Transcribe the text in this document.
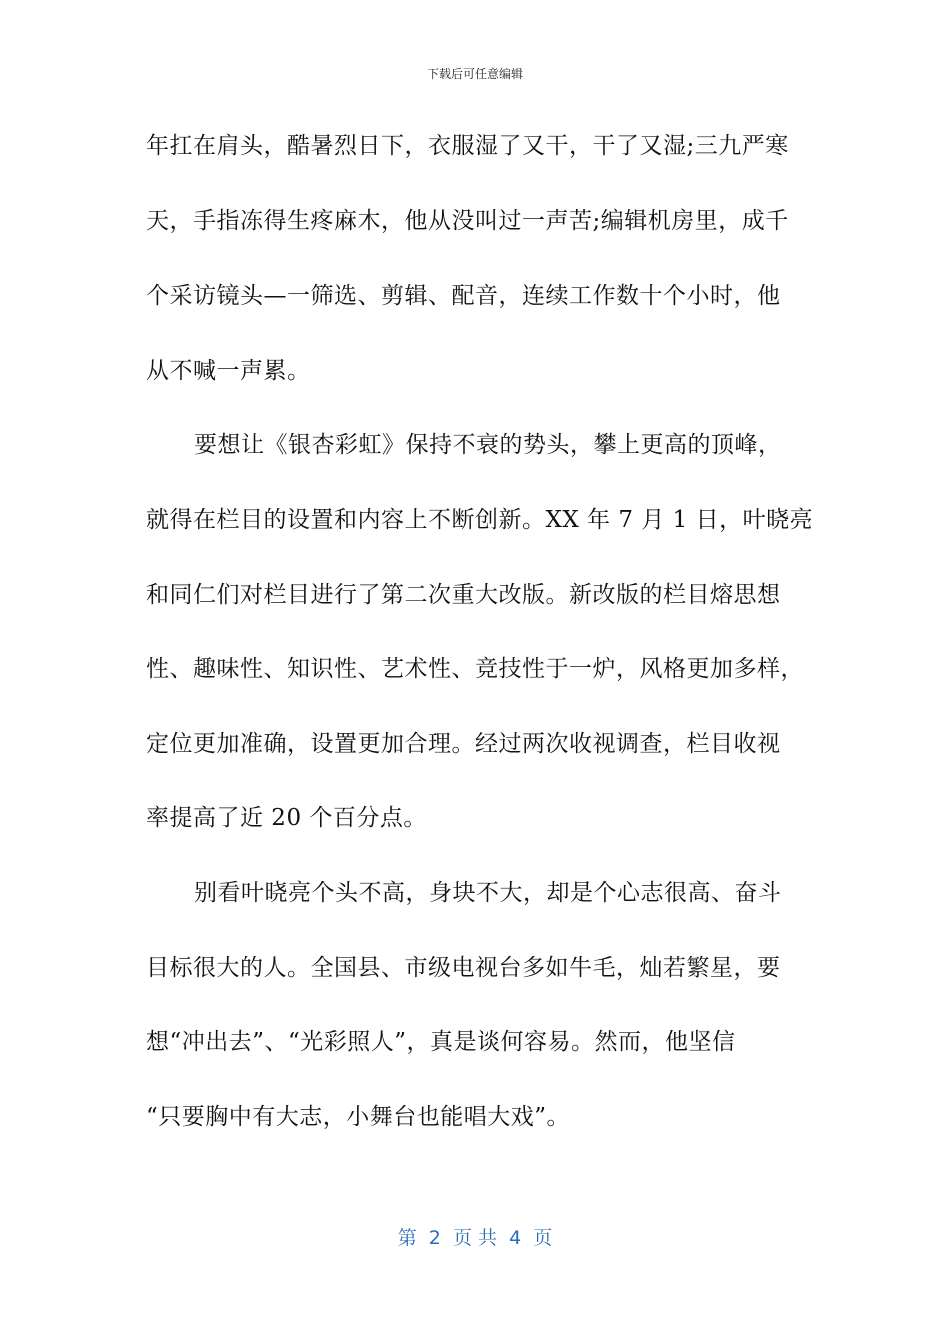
下载后可任意编辑
年扛在肩头，酷暑烈日下，衣服湿了又干，干了又湿;三九严寒
天，手指冻得生疼麻木，他从没叫过一声苦;编辑机房里，成千
个采访镜头—一筛选、剪辑、配音，连续工作数十个小时，他
从不喊一声累。
要想让《银杏彩虹》保持不衰的势头，攀上更高的顶峰，
就得在栏目的设置和内容上不断创新。XX 年 7 月 1 日，叶晓亮
和同仁们对栏目进行了第二次重大改版。新改版的栏目熔思想
性、趣味性、知识性、艺术性、竞技性于一炉，风格更加多样，
定位更加准确，设置更加合理。经过两次收视调查，栏目收视
率提高了近 20 个百分点。
别看叶晓亮个头不高，身块不大，却是个心志很高、奋斗
目标很大的人。全国县、市级电视台多如牛毛，灿若繁星，要
想“冲出去”、“光彩照人”，真是谈何容易。然而，他坚信
“只要胸中有大志，小舞台也能唱大戏”。
第  2  页 共  4  页
